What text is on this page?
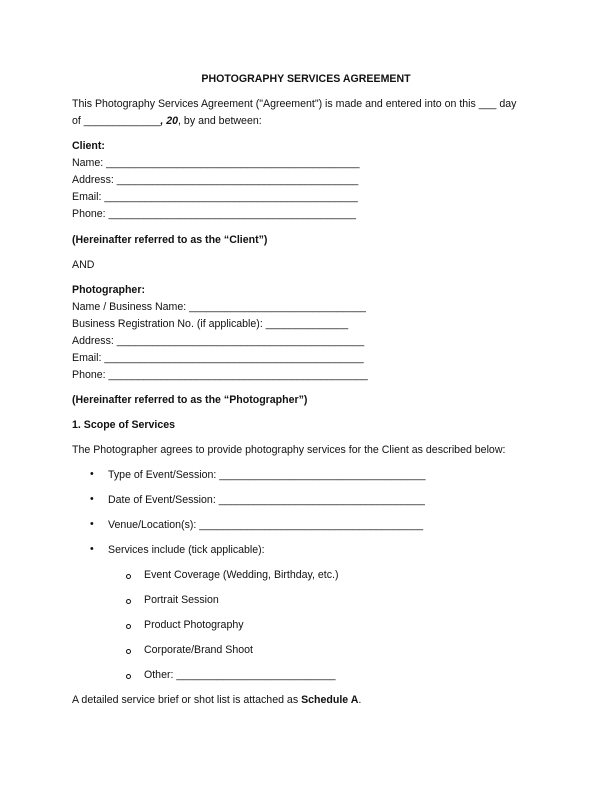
PHOTOGRAPHY SERVICES AGREEMENT
This Photography Services Agreement ("Agreement") is made and entered into on this ___ day
of _____________, 20, by and between:
Client:
Name: ___________________________________________
Address: _________________________________________
Email: ___________________________________________
Phone: __________________________________________
(Hereinafter referred to as the “Client”)
AND
Photographer:
Name / Business Name: ______________________________
Business Registration No. (if applicable): ______________
Address: __________________________________________
Email: ____________________________________________
Phone: ____________________________________________
(Hereinafter referred to as the “Photographer”)
1. Scope of Services
The Photographer agrees to provide photography services for the Client as described below:
• Type of Event/Session: ___________________________________
• Date of Event/Session: ___________________________________
• Venue/Location(s): ______________________________________
• Services include (tick applicable):
Event Coverage (Wedding, Birthday, etc.)
Portrait Session
Product Photography
Corporate/Brand Shoot
Other: ___________________________
A detailed service brief or shot list is attached as Schedule A.
